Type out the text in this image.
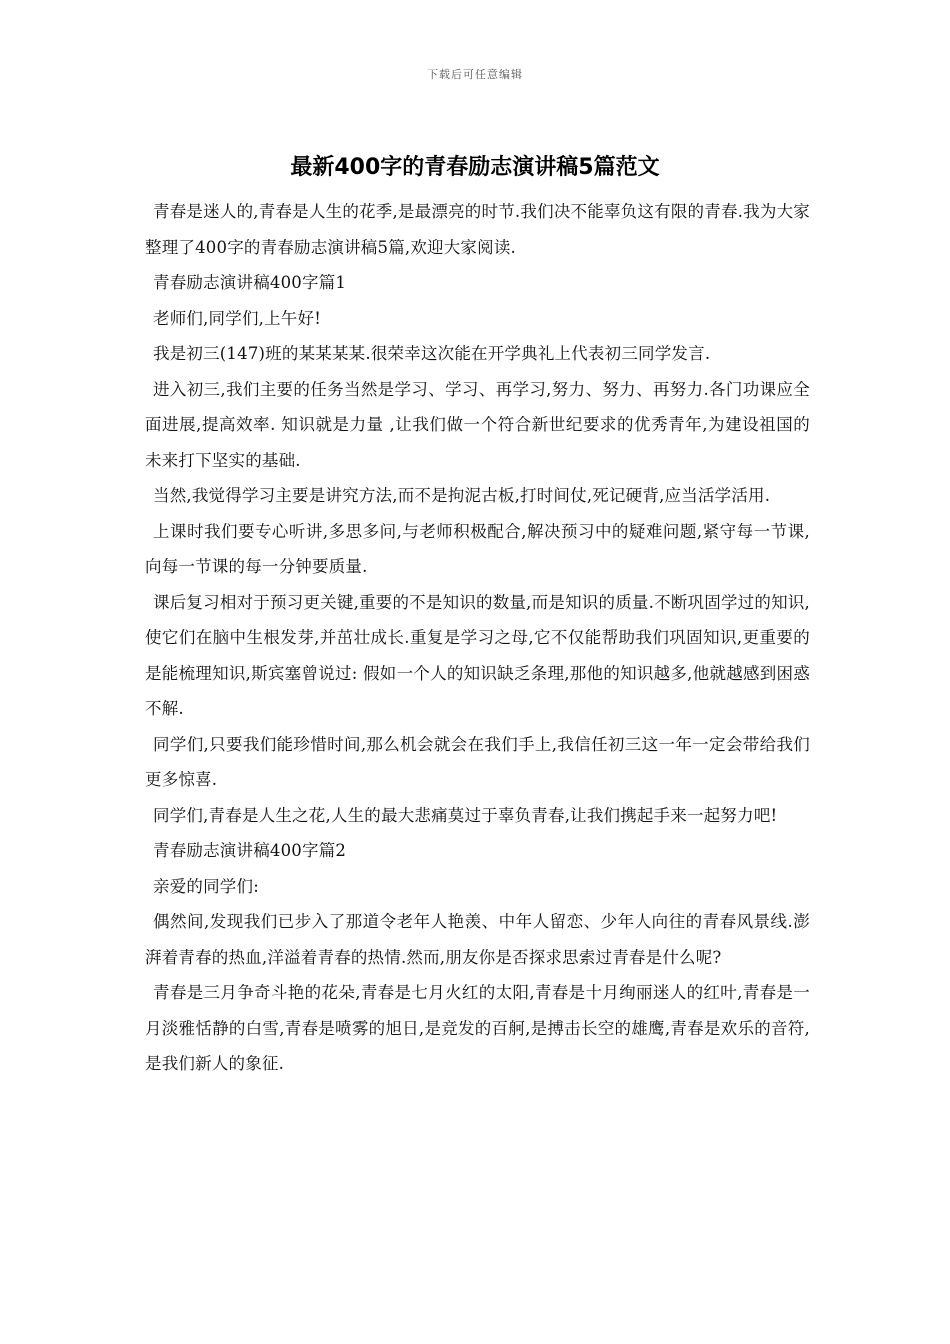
下载后可任意编辑
最新400字的青春励志演讲稿5篇范文

青春是迷人的,青春是人生的花季,是最漂亮的时节.我们决不能辜负这有限的青春.我为大家整理了400字的青春励志演讲稿5篇,欢迎大家阅读.

青春励志演讲稿400字篇1

老师们,同学们,上午好!

我是初三(147)班的某某某某.很荣幸这次能在开学典礼上代表初三同学发言.

进入初三,我们主要的任务当然是学习、学习、再学习,努力、努力、再努力.各门功课应全面进展,提高效率. 知识就是力量 ,让我们做一个符合新世纪要求的优秀青年,为建设祖国的未来打下坚实的基础.

当然,我觉得学习主要是讲究方法,而不是拘泥古板,打时间仗,死记硬背,应当活学活用.

上课时我们要专心听讲,多思多问,与老师积极配合,解决预习中的疑难问题,紧守每一节课,向每一节课的每一分钟要质量.

课后复习相对于预习更关键,重要的不是知识的数量,而是知识的质量.不断巩固学过的知识,使它们在脑中生根发芽,并茁壮成长.重复是学习之母,它不仅能帮助我们巩固知识,更重要的是能梳理知识,斯宾塞曾说过: 假如一个人的知识缺乏条理,那他的知识越多,他就越感到困惑不解.

同学们,只要我们能珍惜时间,那么机会就会在我们手上,我信任初三这一年一定会带给我们更多惊喜.

同学们,青春是人生之花,人生的最大悲痛莫过于辜负青春,让我们携起手来一起努力吧!

青春励志演讲稿400字篇2

亲爱的同学们:

偶然间,发现我们已步入了那道令老年人艳羡、中年人留恋、少年人向往的青春风景线.澎湃着青春的热血,洋溢着青春的热情.然而,朋友你是否探求思索过青春是什么呢?

青春是三月争奇斗艳的花朵,青春是七月火红的太阳,青春是十月绚丽迷人的红叶,青春是一月淡雅恬静的白雪,青春是喷雾的旭日,是竞发的百舸,是搏击长空的雄鹰,青春是欢乐的音符,是我们新人的象征.
